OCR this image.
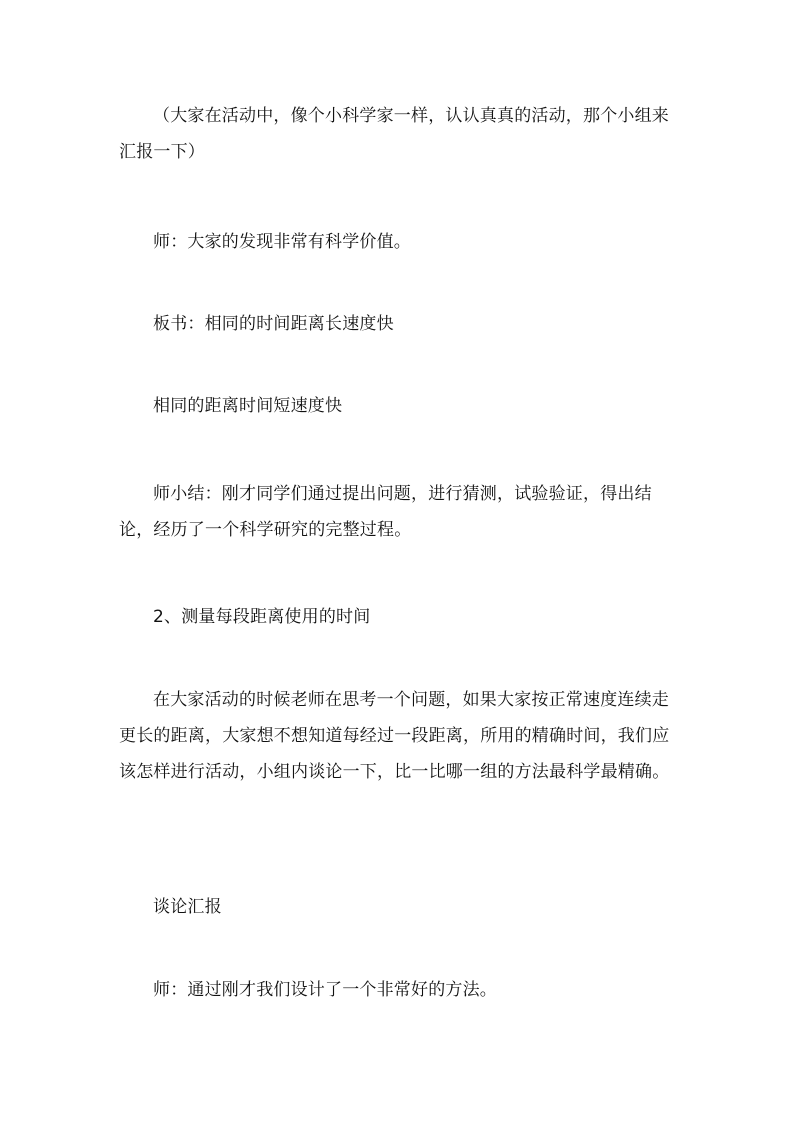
（大家在活动中，像个小科学家一样，认认真真的活动，那个小组来汇报一下）

师：大家的发现非常有科学价值。

板书：相同的时间距离长速度快

相同的距离时间短速度快

师小结：刚才同学们通过提出问题，进行猜测，试验验证，得出结论，经历了一个科学研究的完整过程。

2、测量每段距离使用的时间

在大家活动的时候老师在思考一个问题，如果大家按正常速度连续走更长的距离，大家想不想知道每经过一段距离，所用的精确时间，我们应该怎样进行活动，小组内谈论一下，比一比哪一组的方法最科学最精确。

谈论汇报

师：通过刚才我们设计了一个非常好的方法。
